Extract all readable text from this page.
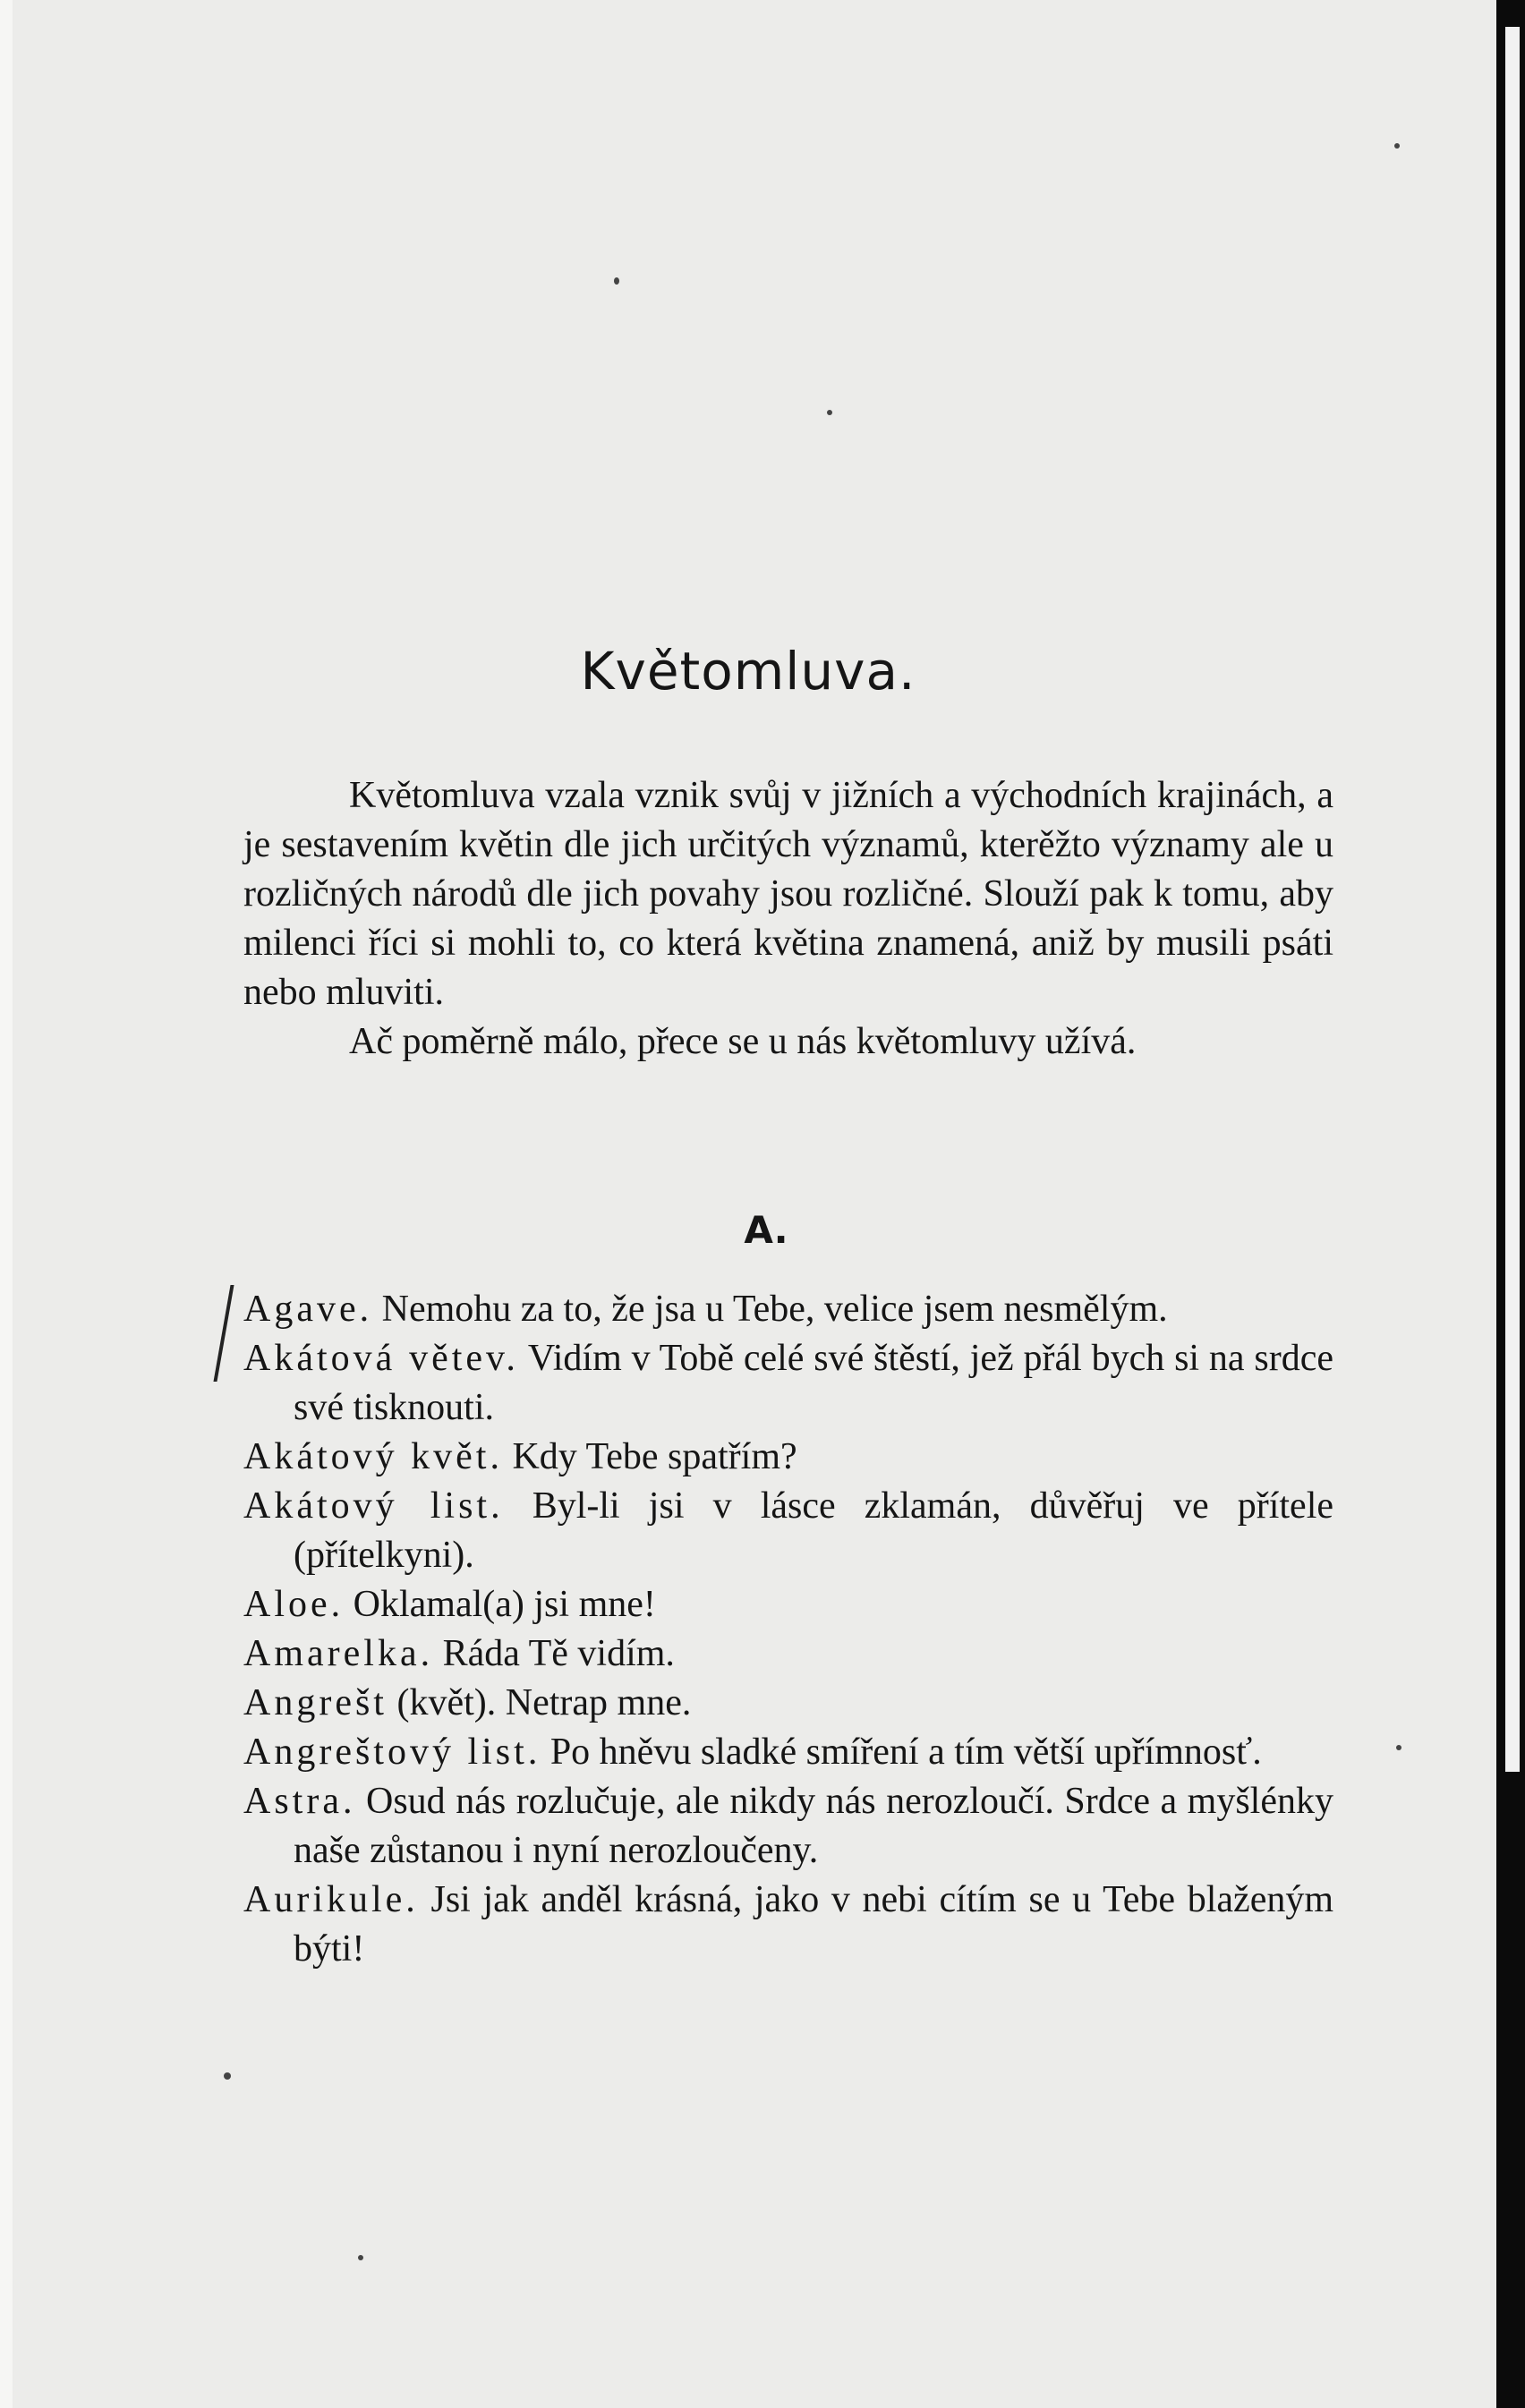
Květomluva.

Květomluva vzala vznik svůj v jižních a východních krajinách, a je sestavením květin dle jich určitých významů, kterěžto významy ale u rozličných národů dle jich povahy jsou rozličné. Slouží pak k tomu, aby milenci říci si mohli to, co která květina znamená, aniž by musili psáti nebo mluviti.

Ač poměrně málo, přece se u nás květomluvy užívá.

A.
Agave. Nemohu za to, že jsa u Tebe, velice jsem nesmělým.
Akátová větev. Vidím v Tobě celé své štěstí, jež přál bych si na srdce své tisknouti.
Akátový květ. Kdy Tebe spatřím?
Akátový list. Byl-li jsi v lásce zklamán, důvěřuj ve přítele (přítelkyni).
Aloe. Oklamal(a) jsi mne!
Amarelka. Ráda Tě vidím.
Angrešt (květ). Netrap mne.
Angreštový list. Po hněvu sladké smíření a tím větší upřímnosť.
Astra. Osud nás rozlučuje, ale nikdy nás nerozloučí. Srdce a myšlénky naše zůstanou i nyní nerozloučeny.
Aurikule. Jsi jak anděl krásná, jako v nebi cítím se u Tebe blaženým býti!
